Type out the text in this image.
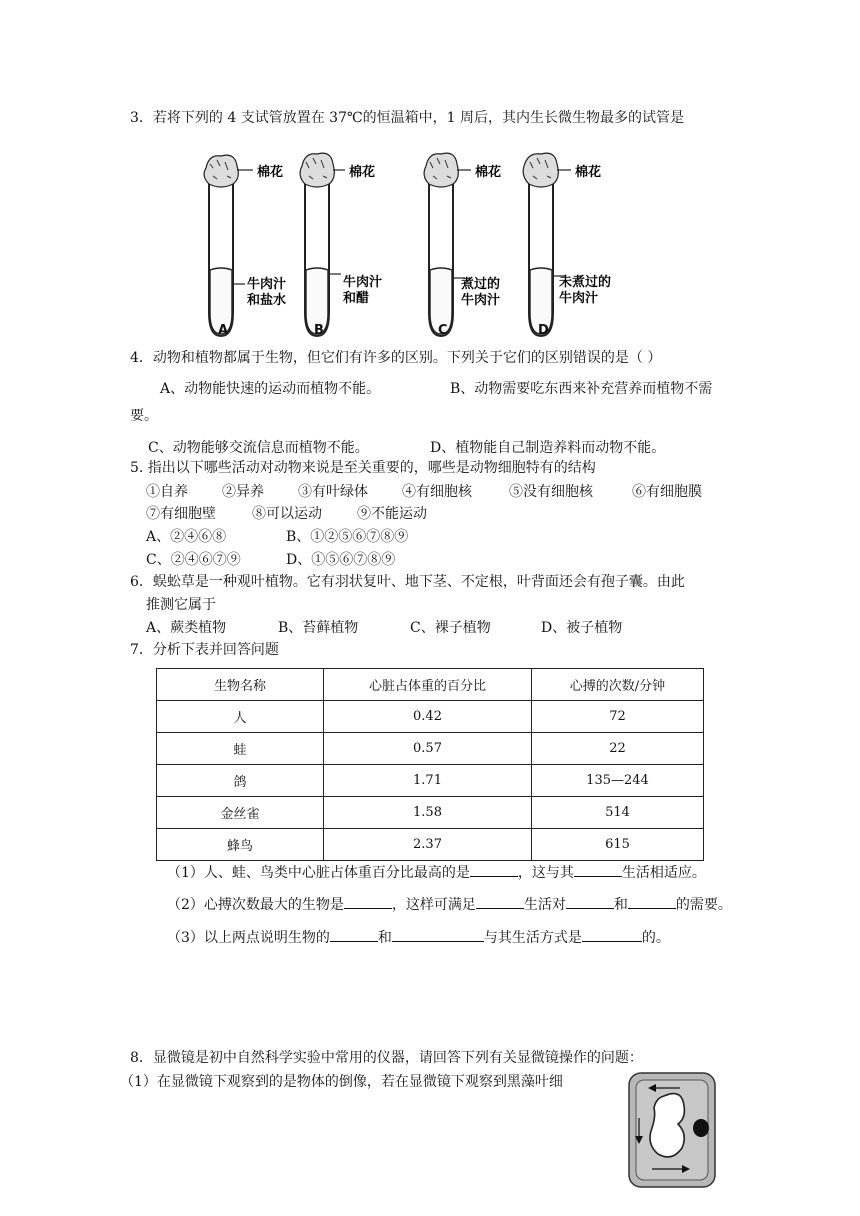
3．若将下列的 4 支试管放置在 37℃的恒温箱中，1 周后，其内生长微生物最多的试管是
棉花
牛肉汁
和盐水
棉花
牛肉汁
和醋
棉花
煮过的
牛肉汁
棉花
未煮过的
牛肉汁
A	B	C	D
4．动物和植物都属于生物，但它们有许多的区别。下列关于它们的区别错误的是（ ）
A、动物能快速的运动而植物不能。	B、动物需要吃东西来补充营养而植物不需
要。
C、动物能够交流信息而植物不能。	D、植物能自己制造养料而动物不能。
5. 指出以下哪些活动对动物来说是至关重要的，哪些是动物细胞特有的结构
①自养 ②异养 ③有叶绿体 ④有细胞核	⑤没有细胞核	⑥有细胞膜
⑦有细胞壁	⑧可以运动	⑨不能运动
A、②④⑥⑧	B、①②⑤⑥⑦⑧⑨
C、②④⑥⑦⑨	D、①⑤⑥⑦⑧⑨
6．蜈蚣草是一种观叶植物。它有羽状复叶、地下茎、不定根，叶背面还会有孢子囊。由此
推测它属于
A、蕨类植物	B、苔藓植物	C、裸子植物	D、被子植物
7．分析下表并回答问题
生物名称	心脏占体重的百分比	心搏的次数/分钟
人	0.42	72
蛙	0.57	22
鸽	1.71	135—244
金丝雀	1.58	514
蜂鸟	2.37	615
（1）人、蛙、鸟类中心脏占体重百分比最高的是	，这与其	生活相适应。
（2）心搏次数最大的生物是	，这样可满足	生活对	和	的需要。
（3）以上两点说明生物的	和	与其生活方式是	的。
8．显微镜是初中自然科学实验中常用的仪器，请回答下列有关显微镜操作的问题：
（1）在显微镜下观察到的是物体的倒像，若在显微镜下观察到黑藻叶细
